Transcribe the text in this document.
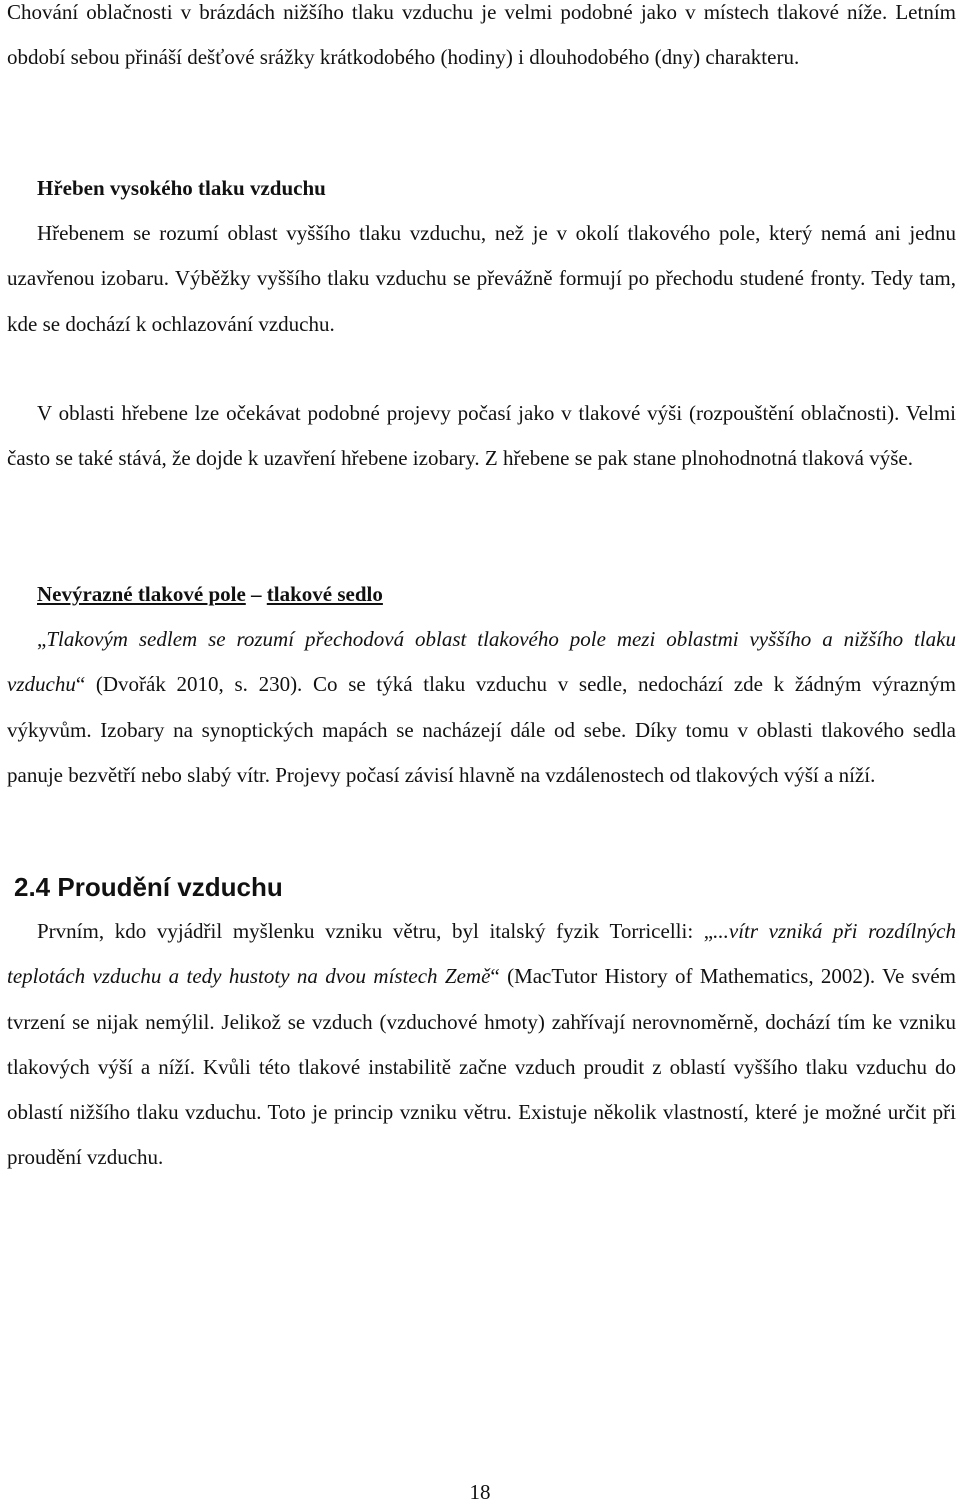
Chování oblačnosti v brázdách nižšího tlaku vzduchu je velmi podobné jako v místech tlakové níže. Letním období sebou přináší dešťové srážky krátkodobého (hodiny) i dlouhodobého (dny) charakteru.

Hřeben vysokého tlaku vzduchu

Hřebenem se rozumí oblast vyššího tlaku vzduchu, než je v okolí tlakového pole, který nemá ani jednu uzavřenou izobaru. Výběžky vyššího tlaku vzduchu se převážně formují po přechodu studené fronty. Tedy tam, kde se dochází k ochlazování vzduchu.

V oblasti hřebene lze očekávat podobné projevy počasí jako v tlakové výši (rozpouštění oblačnosti). Velmi často se také stává, že dojde k uzavření hřebene izobary. Z hřebene se pak stane plnohodnotná tlaková výše.

Nevýrazné tlakové pole – tlakové sedlo

„Tlakovým sedlem se rozumí přechodová oblast tlakového pole mezi oblastmi vyššího a nižšího tlaku vzduchu“ (Dvořák 2010, s. 230). Co se týká tlaku vzduchu v sedle, nedochází zde k žádným výrazným výkyvům. Izobary na synoptických mapách se nacházejí dále od sebe. Díky tomu v oblasti tlakového sedla panuje bezvětří nebo slabý vítr. Projevy počasí závisí hlavně na vzdálenostech od tlakových výší a níží.

2.4 Proudění vzduchu

Prvním, kdo vyjádřil myšlenku vzniku větru, byl italský fyzik Torricelli: „...vítr vzniká při rozdílných teplotách vzduchu a tedy hustoty na dvou místech Země“ (MacTutor History of Mathematics, 2002). Ve svém tvrzení se nijak nemýlil. Jelikož se vzduch (vzduchové hmoty) zahřívají nerovnoměrně, dochází tím ke vzniku tlakových výší a níží. Kvůli této tlakové instabilitě začne vzduch proudit z oblastí vyššího tlaku vzduchu do oblastí nižšího tlaku vzduchu. Toto je princip vzniku větru. Existuje několik vlastností, které je možné určit při proudění vzduchu.

18
